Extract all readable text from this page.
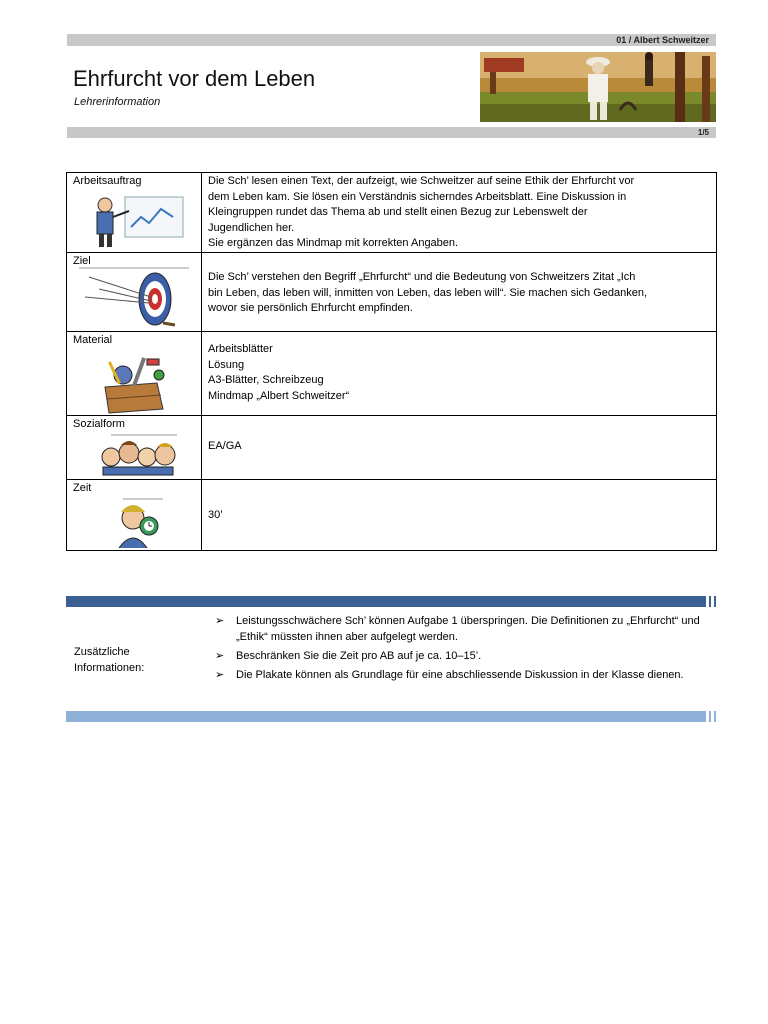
01 / Albert Schweitzer
Ehrfurcht vor dem Leben
Lehrerinformation
1/5
Arbeitsauftrag	Die Sch’ lesen einen Text, der aufzeigt, wie Schweitzer auf seine Ethik der Ehrfurcht vor
dem Leben kam. Sie lösen ein Verständnis sicherndes Arbeitsblatt. Eine Diskussion in
Kleingruppen rundet das Thema ab und stellt einen Bezug zur Lebenswelt der
Jugendlichen her.
Sie ergänzen das Mindmap mit korrekten Angaben.

Ziel	Die Sch’ verstehen den Begriff „Ehrfurcht“ und die Bedeutung von Schweitzers Zitat „Ich
bin Leben, das leben will, inmitten von Leben, das leben will“. Sie machen sich Gedanken,
wovor sie persönlich Ehrfurcht empfinden.

Material	Arbeitsblätter
Lösung
A3-Blätter, Schreibzeug
Mindmap „Albert Schweitzer“

Sozialform	EA/GA

Zeit	30’
Zusätzliche
Informationen:
➢ Leistungsschwächere Sch’ können Aufgabe 1 überspringen. Die Definitionen zu „Ehrfurcht“ und „Ethik“ müssten ihnen aber aufgelegt werden.
➢ Beschränken Sie die Zeit pro AB auf je ca. 10–15’.
➢ Die Plakate können als Grundlage für eine abschliessende Diskussion in der Klasse dienen.
